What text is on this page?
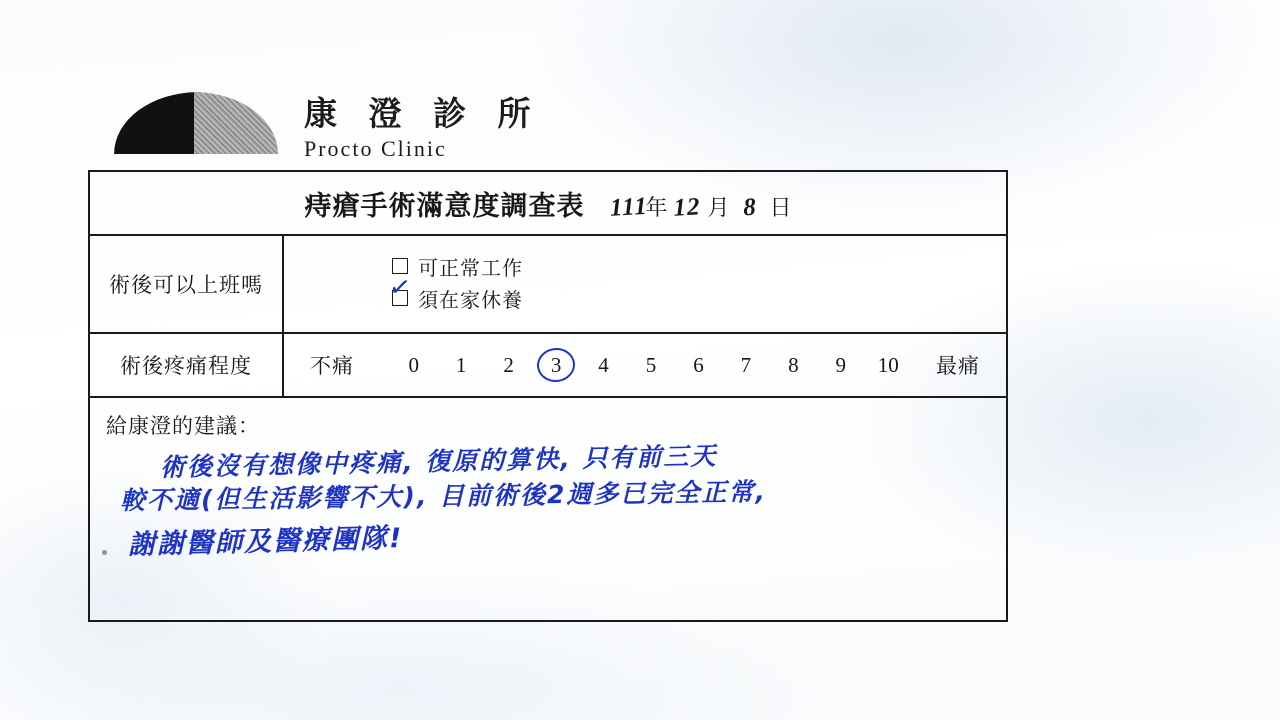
康 澄 診 所
Procto Clinic
痔瘡手術滿意度調查表 111
年 12 月 8 日
術後可以上班嗎
可正常工作
✓ 須在家休養
術後疼痛程度	不痛	0	1	2	3	4	5	6	7	8	9	10 最痛
給康澄的建議：
術後沒有想像中疼痛, 復原的算快, 只有前三天
較不適(但生活影響不大), 目前術後2週多已完全正常,
謝謝醫師及醫療團隊!
